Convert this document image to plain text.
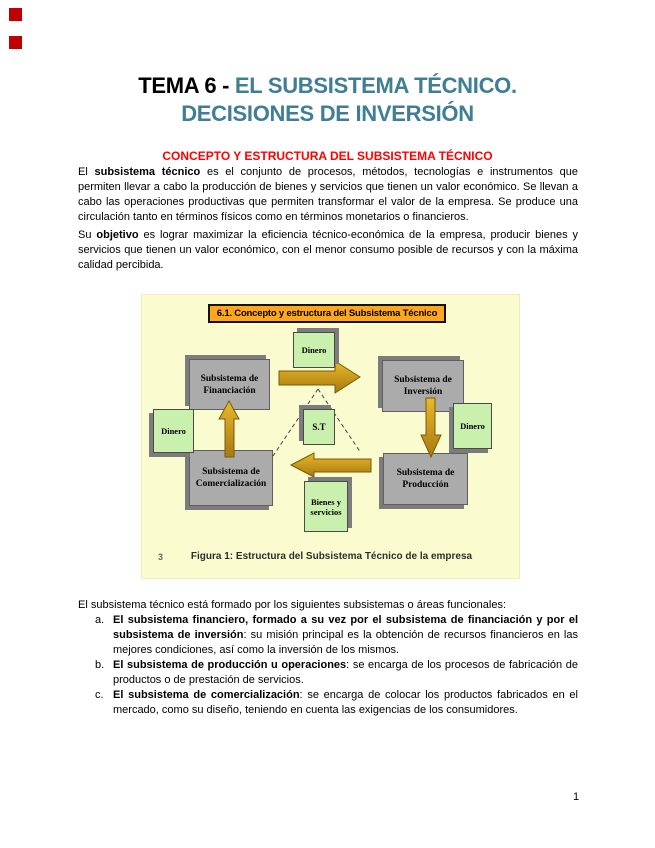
TEMA 6 - EL SUBSISTEMA TÉCNICO.
DECISIONES DE INVERSIÓN
CONCEPTO Y ESTRUCTURA DEL SUBSISTEMA TÉCNICO
El subsistema técnico es el conjunto de procesos, métodos, tecnologías e instrumentos que permiten llevar a cabo la producción de bienes y servicios que tienen un valor económico. Se llevan a cabo las operaciones productivas que permiten transformar el valor de la empresa. Se produce una circulación tanto en términos físicos como en términos monetarios o financieros.
Su objetivo es lograr maximizar la eficiencia técnico-económica de la empresa, producir bienes y servicios que tienen un valor económico, con el menor consumo posible de recursos y con la máxima calidad percibida.
6.1. Concepto y estructura del Subsistema Técnico
Subsistema de Financiación
Subsistema de Inversión
Subsistema de Comercialización
Subsistema de Producción
Dinero
Dinero	Dinero
S.T
Bienes y servicios
3	Figura 1: Estructura del Subsistema Técnico de la empresa
El subsistema técnico está formado por los siguientes subsistemas o áreas funcionales:
a. El subsistema financiero, formado a su vez por el subsistema de financiación y por el subsistema de inversión: su misión principal es la obtención de recursos financieros en las mejores condiciones, así como la inversión de los mismos.
b. El subsistema de producción u operaciones: se encarga de los procesos de fabricación de productos o de prestación de servicios.
c. El subsistema de comercialización: se encarga de colocar los productos fabricados en el mercado, como su diseño, teniendo en cuenta las exigencias de los consumidores.
1
